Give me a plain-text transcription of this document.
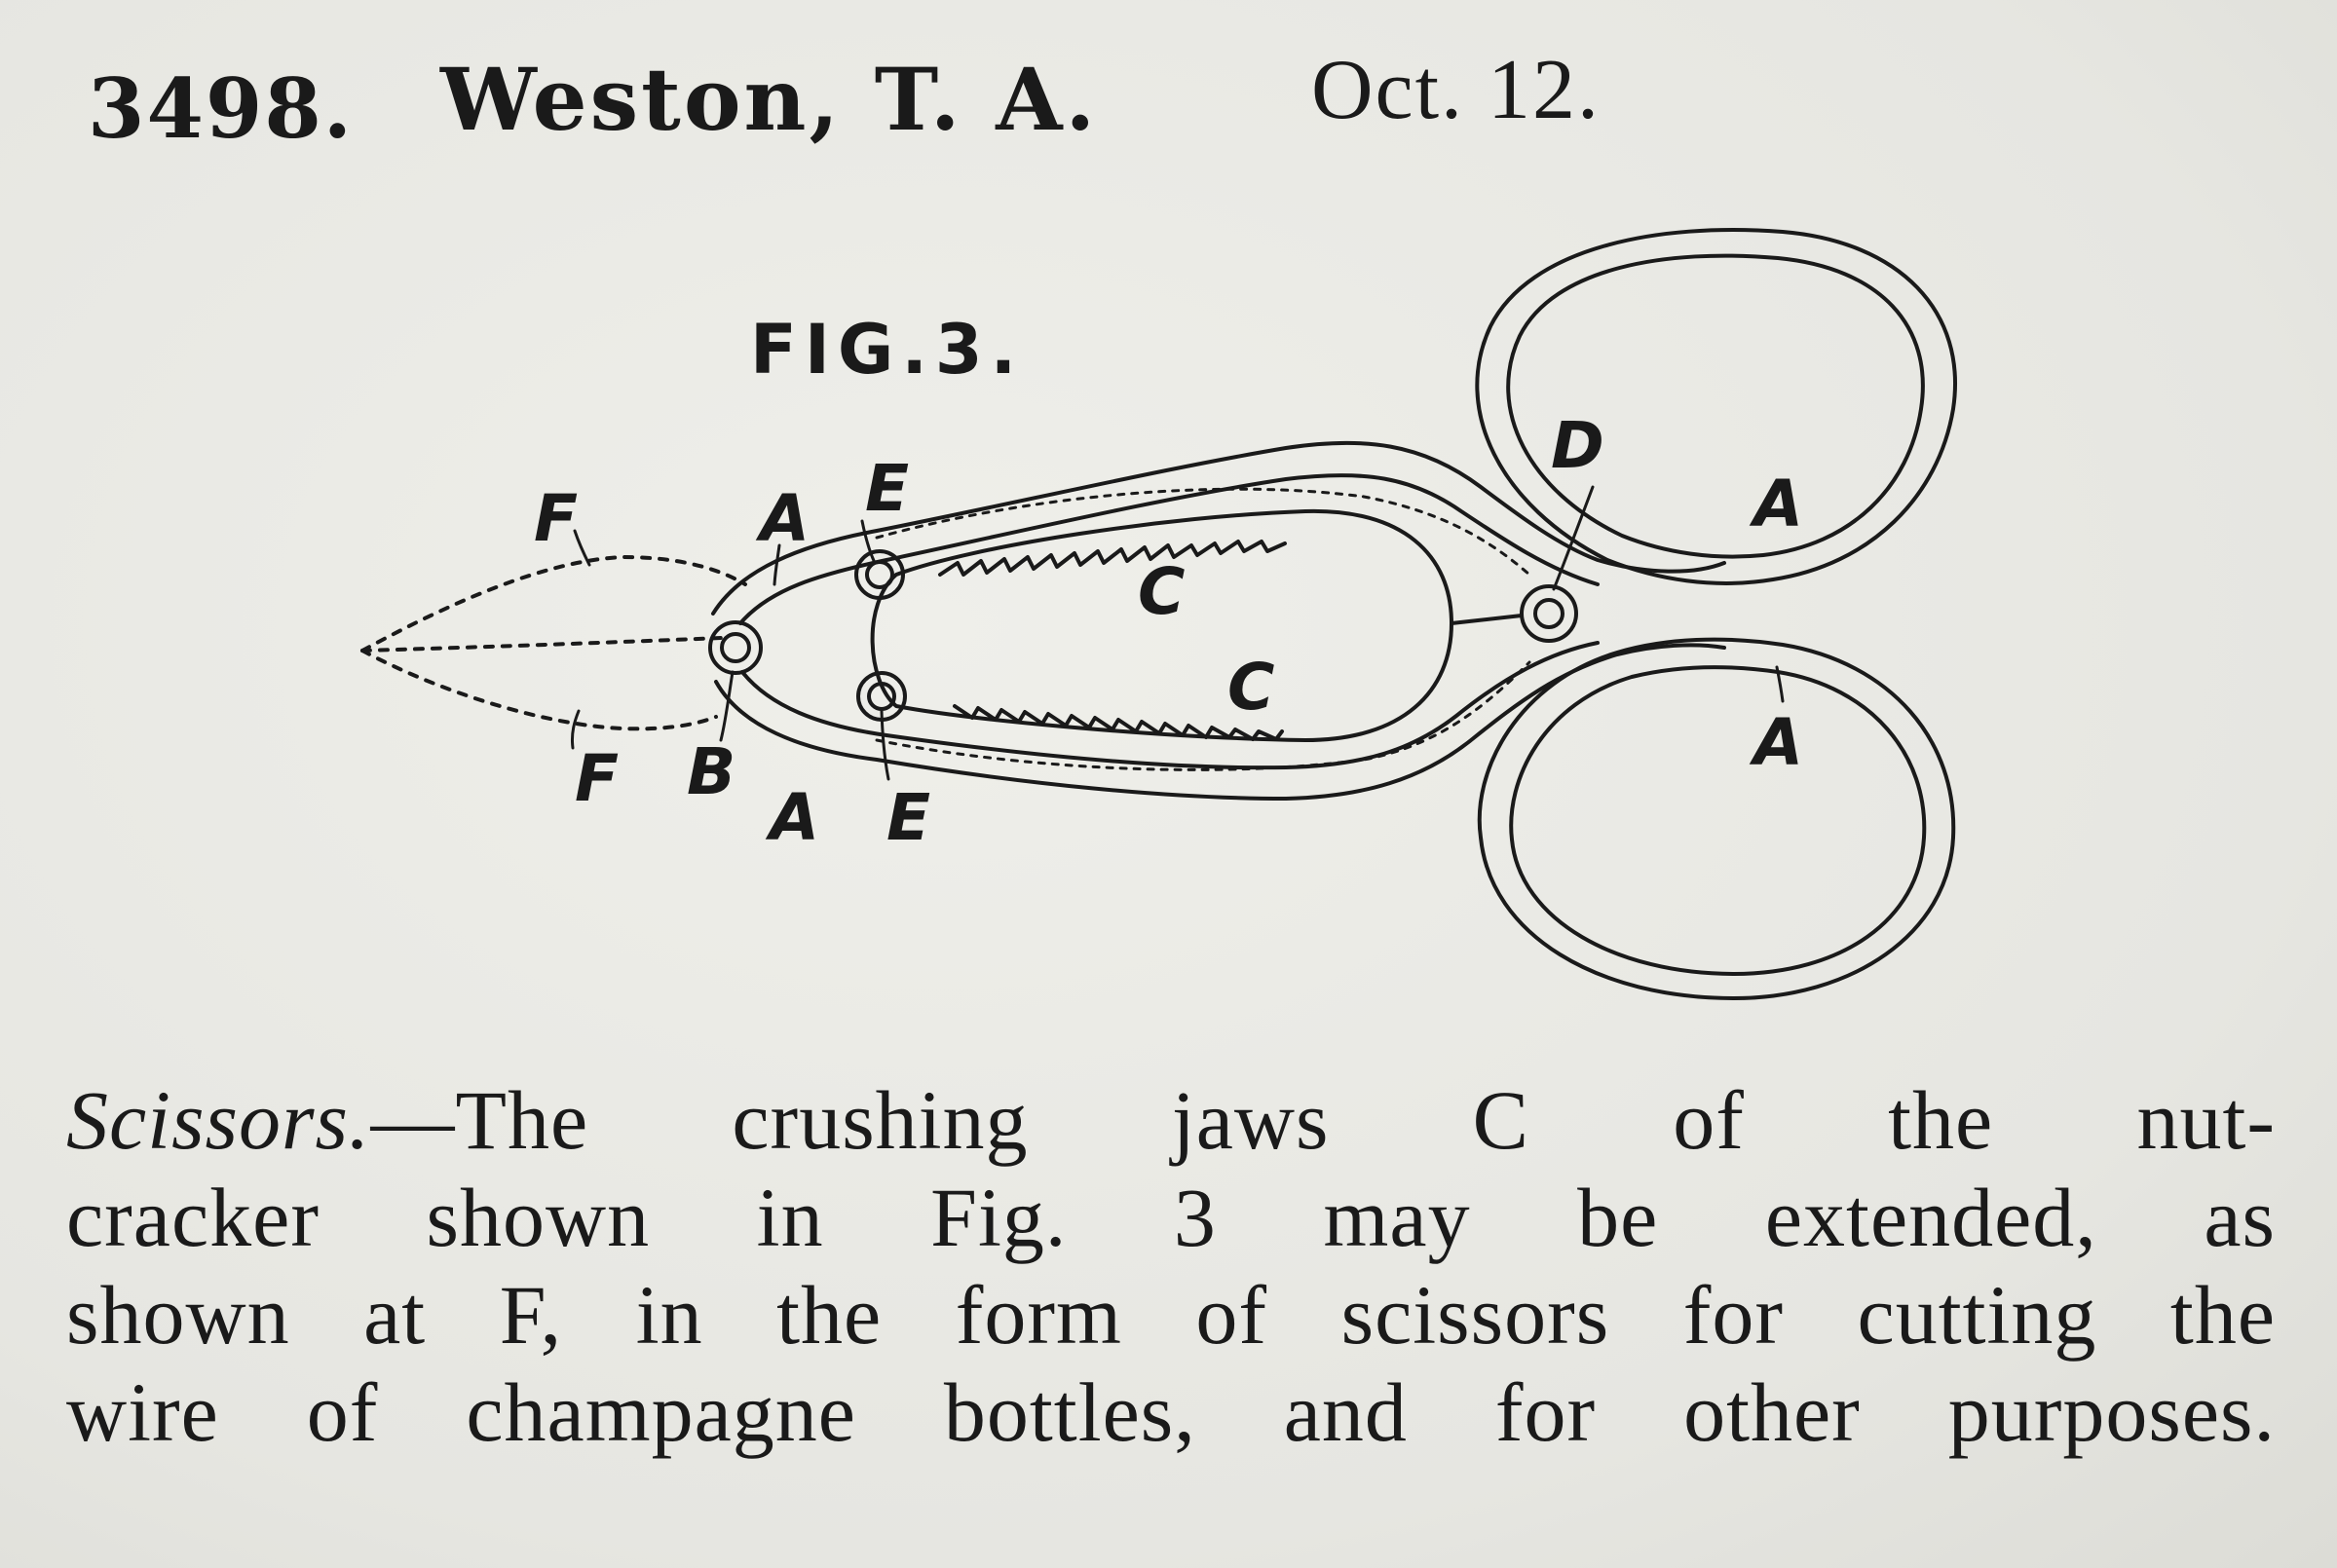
3498. Weston, T. A. Oct. 12.
FIG.3.
F
F
A E
B
A E
C
C
D
A
A
Scissors.—The crushing jaws C of the nut-
cracker shown in Fig. 3 may be extended, as
shown at F, in the form of scissors for cutting the
wire of champagne bottles, and for other purposes.
